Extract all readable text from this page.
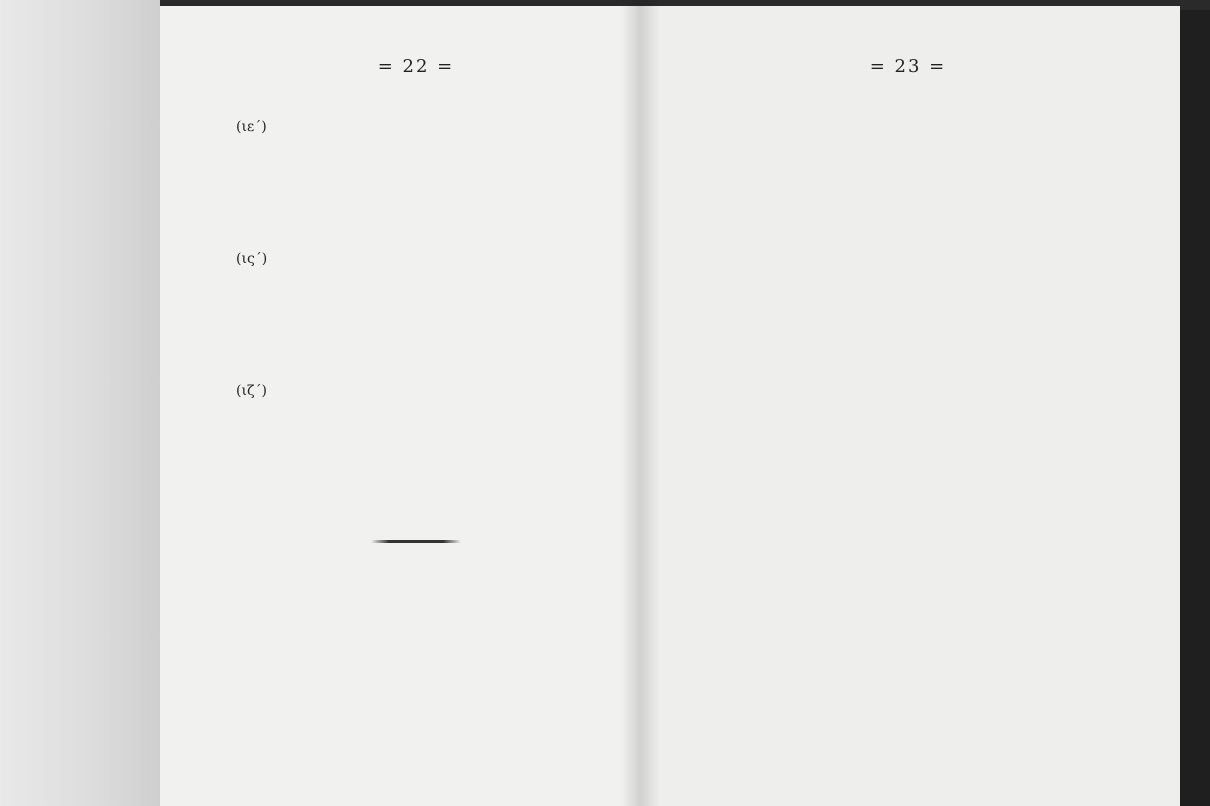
= 22 =
(ιε΄)
(ις΄)
(ιζ΄)
= 23 =
